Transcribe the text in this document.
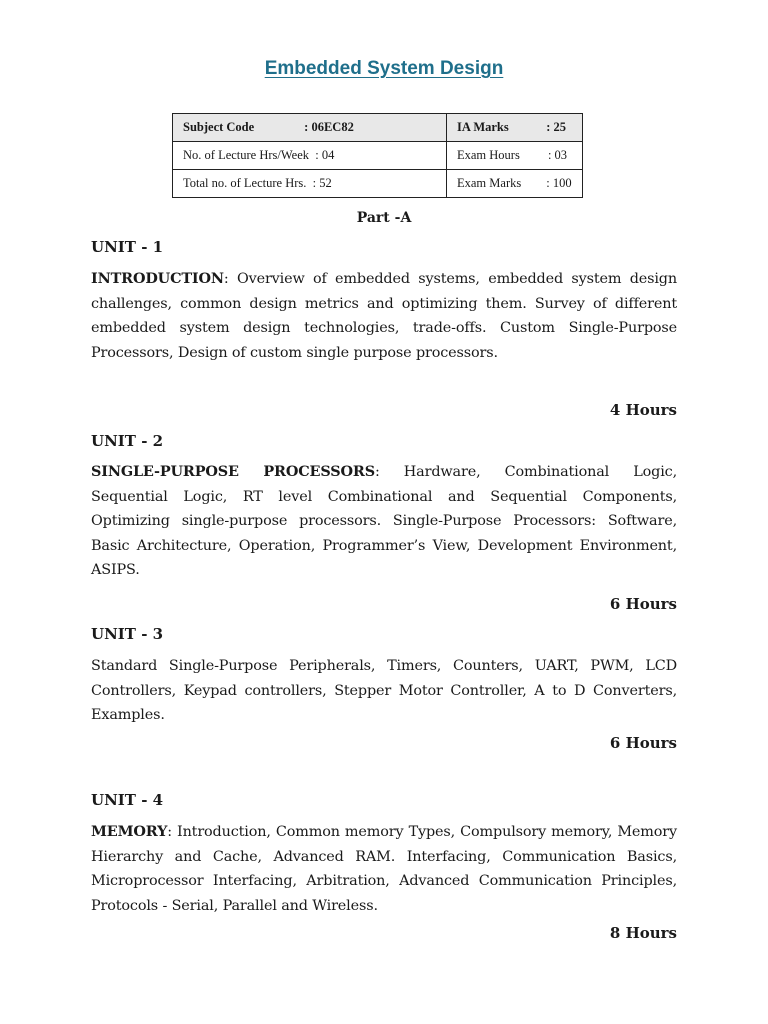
Embedded System Design
Subject Code                : 06EC82	IA Marks            : 25
No. of Lecture Hrs/Week  : 04	Exam Hours         : 03
Total no. of Lecture Hrs.  : 52	Exam Marks        : 100
Part -A
UNIT - 1
INTRODUCTION: Overview of embedded systems, embedded system design challenges, common design metrics and optimizing them. Survey of different embedded system design technologies, trade-offs. Custom Single-Purpose Processors, Design of custom single purpose processors.
4 Hours
UNIT - 2
SINGLE-PURPOSE PROCESSORS: Hardware, Combinational Logic, Sequential Logic, RT level Combinational and Sequential Components, Optimizing single-purpose processors. Single-Purpose Processors: Software, Basic Architecture, Operation, Programmer’s View, Development Environment, ASIPS.
6 Hours
UNIT - 3
Standard Single-Purpose Peripherals, Timers, Counters, UART, PWM, LCD Controllers, Keypad controllers, Stepper Motor Controller, A to D Converters, Examples.
6 Hours
UNIT - 4
MEMORY: Introduction, Common memory Types, Compulsory memory, Memory Hierarchy and Cache, Advanced RAM. Interfacing, Communication Basics, Microprocessor Interfacing, Arbitration, Advanced Communication Principles, Protocols - Serial, Parallel and Wireless.
8 Hours
